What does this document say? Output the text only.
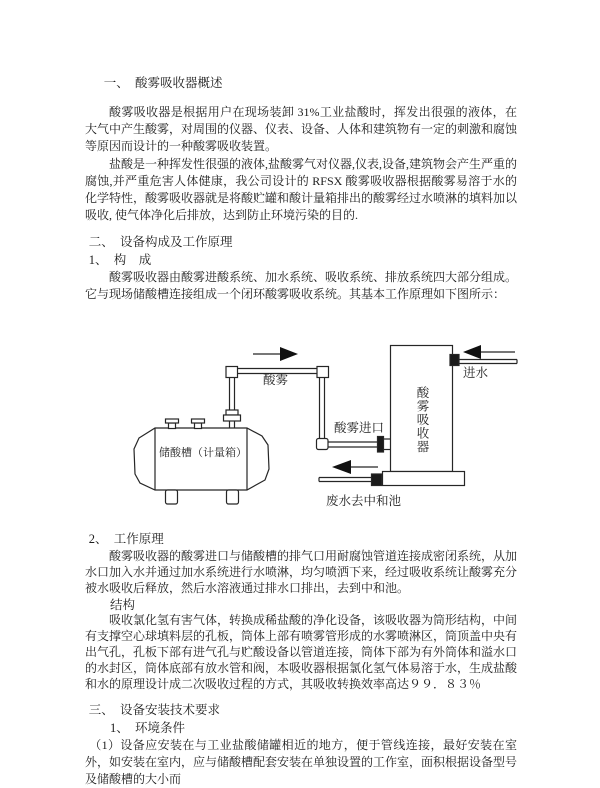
一、　酸雾吸收器概述
酸雾吸收器是根据用户在现场装卸 31%工业盐酸时，挥发出很强的液体，在大气中产生酸雾，对周围的仪器、仪表、设备、人体和建筑物有一定的刺激和腐蚀等原因而设计的一种酸雾吸收装置。
盐酸是一种挥发性很强的液体,盐酸雾气对仪器,仪表,设备,建筑物会产生严重的腐蚀,并严重危害人体健康，我公司设计的 RFSX 酸雾吸收器根据酸雾易溶于水的化学特性，酸雾吸收器就是将酸贮罐和酸计量箱排出的酸雾经过水喷淋的填料加以吸收, 使气体净化后排放，达到防止环境污染的目的.
二、　设备构成及工作原理
1、　构　成
酸雾吸收器由酸雾进酸系统、加水系统、吸收系统、排放系统四大部分组成。它与现场储酸槽连接组成一个闭环酸雾吸收系统。其基本工作原理如下图所示：
储酸槽（计量箱）
酸雾
酸雾进口 酸雾吸收器
进水
废水去中和池
2、　工作原理
酸雾吸收器的酸雾进口与储酸槽的排气口用耐腐蚀管道连接成密闭系统，从加水口加入水并通过加水系统进行水喷淋，均匀喷洒下来，经过吸收系统让酸雾充分被水吸收后释放，然后水溶液通过排水口排出，去到中和池。
结构
吸收氯化氢有害气体，转换成稀盐酸的净化设备，该吸收器为筒形结构，中间有支撑空心球填料层的孔板，筒体上部有喷雾管形成的水雾喷淋区，筒顶盖中央有出气孔，孔板下部有进气孔与贮酸设备以管道连接，筒体下部为有外筒体和溢水口的水封区，筒体底部有放水管和阀，本吸收器根据氯化氢气体易溶于水，生成盐酸和水的原理设计成二次吸收过程的方式，其吸收转换效率高达９９．８３％
三、　设备安装技术要求
1、　环境条件
（1）设备应安装在与工业盐酸储罐相近的地方，便于管线连接，最好安装在室外，如安装在室内，应与储酸槽配套安装在单独设置的工作室，面积根据设备型号及储酸槽的大小而
